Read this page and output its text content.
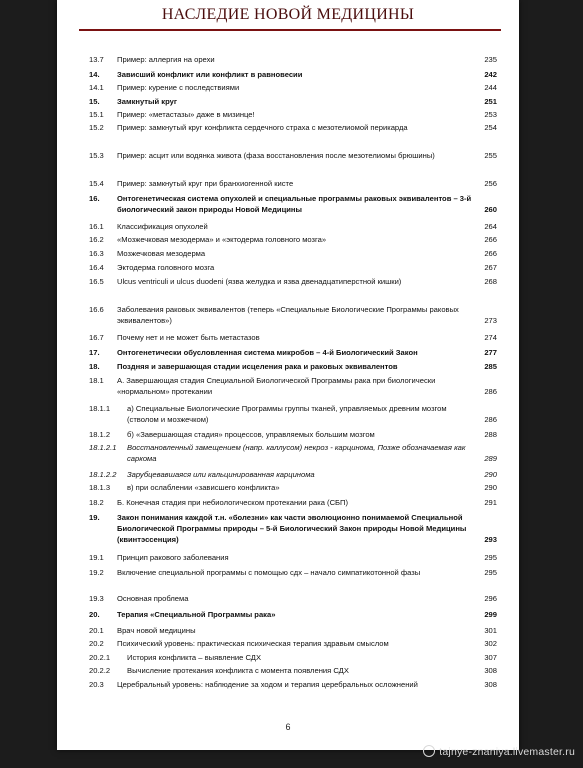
НАСЛЕДИЕ НОВОЙ МЕДИЦИНЫ
13.7	Пример: аллергия на орехи	235
14.	Зависший конфликт или конфликт в равновесии	242
14.1	Пример: курение с последствиями	244
15.	Замкнутый круг	251
15.1	Пример: «метастазы» даже в мизинце!	253
15.2	Пример: замкнутый круг конфликта сердечного страха с мезотелиомой перикарда	254
15.3	Пример: асцит или водянка живота (фаза восстановления после мезотелиомы брюшины)	255
15.4	Пример: замкнутый круг при бранхиогенной кисте	256
16.	Онтогенетическая система опухолей и специальные программы раковых эквивалентов – 3-й биологический закон природы Новой Медицины	260
16.1	Классификация опухолей	264
16.2	«Мозжечковая мезодерма» и «эктодерма головного мозга»	266
16.3	Мозжечковая мезодерма	266
16.4	Эктодерма головного мозга	267
16.5	Ulcus ventriculi и ulcus duodeni (язва желудка и язва двенадцатиперстной кишки)	268
16.6	Заболевания раковых эквивалентов (теперь «Специальные Биологические Программы раковых эквивалентов»)	273
16.7	Почему нет и не может быть метастазов	274
17.	Онтогенетически обусловленная система микробов – 4-й Биологический Закон	277
18.	Поздняя и завершающая стадии исцеления рака и раковых эквивалентов	285
18.1	А. Завершающая стадия Специальной Биологической Программы рака при биологически «нормальном» протекании	286
18.1.1	а) Специальные Биологические Программы группы тканей, управляемых древним мозгом (стволом и мозжечком)	286
18.1.2	б) «Завершающая стадия» процессов, управляемых большим мозгом	288
18.1.2.1	Восстановленный замещением (напр. каллусом) некроз - карцинома, Позже обозначаемая как саркома	289
18.1.2.2	Зарубцевавшаяся или кальцинированная карцинома	290
18.1.3	в) при ослаблении «зависшего конфликта»	290
18.2	Б. Конечная стадия при небиологическом протекании рака (СБП)	291
19.	Закон понимания каждой т.н. «болезни» как части эволюционно понимаемой Специальной Биологической Программы природы – 5-й Биологический Закон природы Новой Медицины (квинтэссенция)	293
19.1	Принцип ракового заболевания	295
19.2	Включение специальной программы с помощью сдх – начало симпатикотонной фазы	295
19.3	Основная проблема	296
20.	Терапия «Специальной Программы рака»	299
20.1	Врач новой медицины	301
20.2	Психический уровень: практическая психическая терапия здравым смыслом	302
20.2.1	История конфликта – выявление СДХ	307
20.2.2	Вычисление протекания конфликта с момента появления СДХ	308
20.3	Церебральный уровень: наблюдение за ходом и терапия церебральных осложнений	308
6
tajnye-znaniya.livemaster.ru
